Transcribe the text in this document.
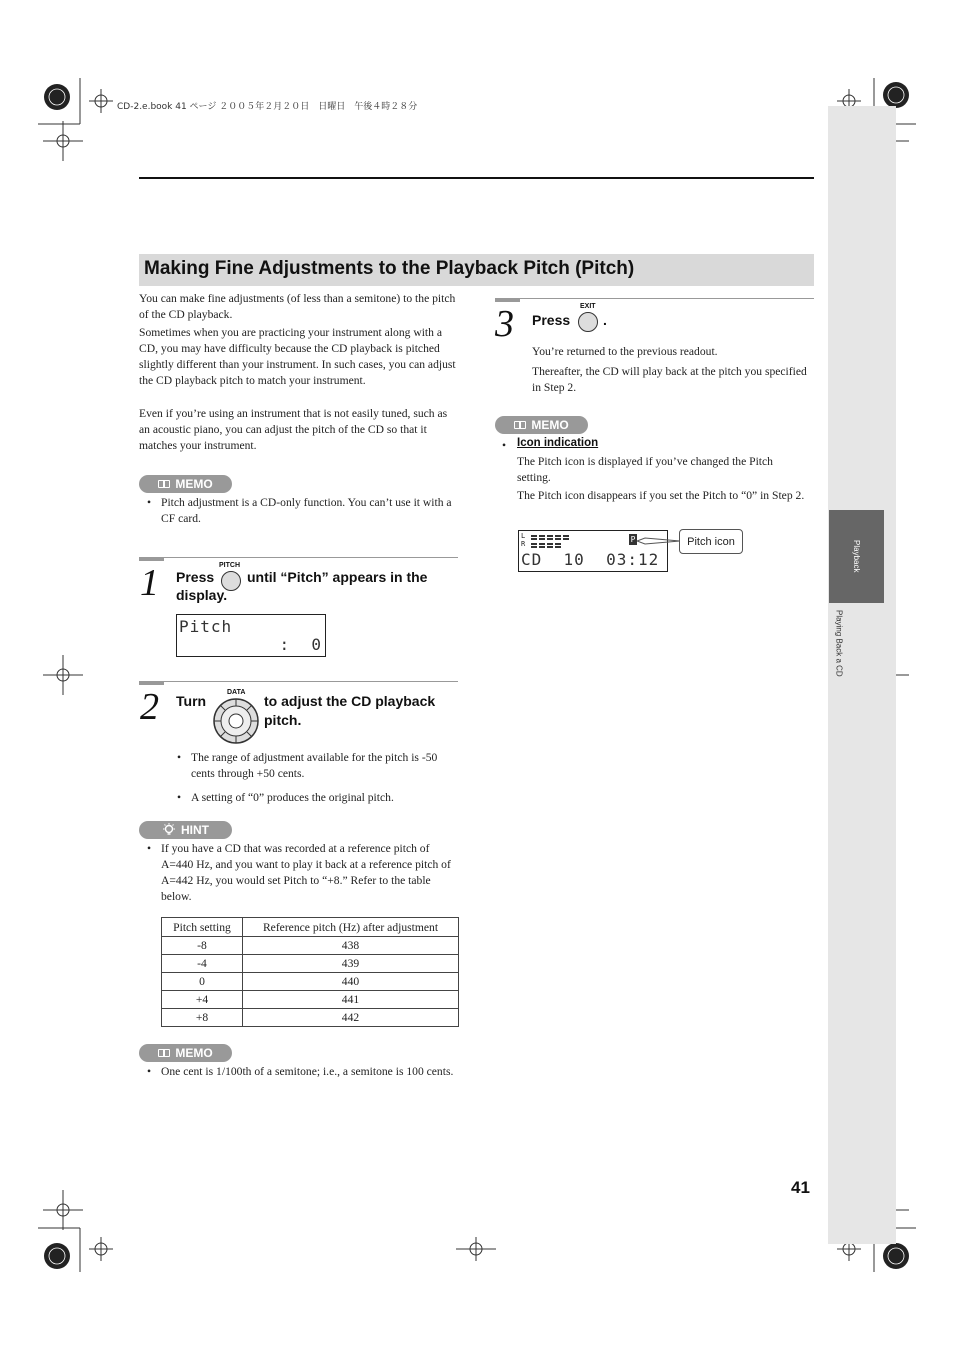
CD-2.e.book 41 ページ ２００５年２月２０日　日曜日　午後４時２８分
Playback
Playing Back a CD
Making Fine Adjustments to the Playback Pitch (Pitch)
You can make fine adjustments (of less than a semitone) to the pitch of the CD playback.
Sometimes when you are practicing your instrument along with a CD, you may have difficulty because the CD playback is pitched slightly different than your instrument. In such cases, you can adjust the CD playback pitch to match your instrument.
Even if you’re using an instrument that is not easily tuned, such as an acoustic piano, you can adjust the pitch of the CD so that it matches your instrument.
MEMO
• Pitch adjustment is a CD-only function. You can’t use it with a CF card.
1 Press
PITCH
until “Pitch” appears in the
display.
Pitch
:  0
2 Turn
DATA
to adjust the CD playback
pitch.
• The range of adjustment available for the pitch is -50 cents through +50 cents.
• A setting of “0” produces the original pitch.
HINT
• If you have a CD that was recorded at a reference pitch of A=440 Hz, and you want to play it back at a reference pitch of A=442 Hz, you would set Pitch to “+8.” Refer to the table below.
Pitch setting	Reference pitch (Hz) after adjustment
-8	438
-4	439
0	440
+4	441
+8	442
MEMO
• One cent is 1/100th of a semitone; i.e., a semitone is 100 cents.
3 Press
EXIT
.
You’re returned to the previous readout.
Thereafter, the CD will play back at the pitch you specified in Step 2.
MEMO
• Icon indication
The Pitch icon is displayed if you’ve changed the Pitch setting.
The Pitch icon disappears if you set the Pitch to “0” in Step 2.
L
R	P
CD  10  03:12
Pitch icon
41
